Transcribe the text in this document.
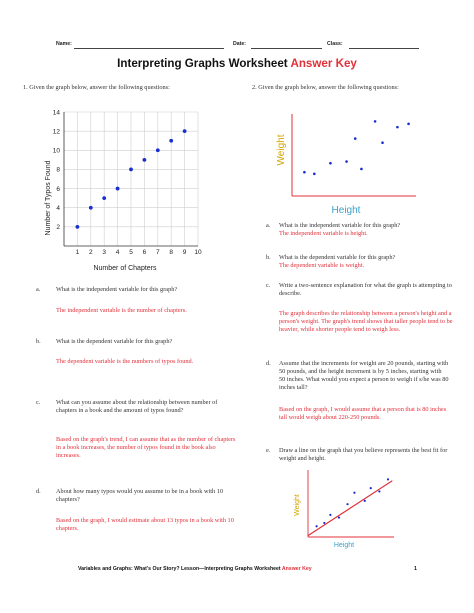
Name:	Date:	Class:
Interpreting Graphs Worksheet Answer Key
1. Given the graph below, answer the following questions:
1 2 3 4 5 6 7 8 9 10
2
4
6
8
10
12
14
Number of Chapters
Number of Typos Found
a. What is the independent variable for this graph?
The independent variable is the number of chapters.
b. What is the dependent variable for this graph?
The dependent variable is the numbers of typos found.
c. What can you assume about the relationship between number of chapters in a book and the amount of typos found?
Based on the graph's trend, I can assume that as the number of chapters in a book increases, the number of typos found in the book also increases.
d. About how many typos would you assume to be in a book with 10 chapters?
Based on the graph, I would estimate about 13 typos in a book with 10 chapters.
2. Given the graph below, answer the following questions:
Height
Weight
a. What is the independent variable for this graph?
The independent variable is height.
b. What is the dependent variable for this graph?
The dependent variable is weight.
c. Write a two-sentence explanation for what the graph is attempting to describe.
The graph describes the relationship between a person's height and a person's weight. The graph's trend shows that taller people tend to be heavier, while shorter people tend to weigh less.
d. Assume that the increments for weight are 20 pounds, starting with 50 pounds, and the height increment is by 5 inches, starting with 50 inches. What would you expect a person to weigh if s/he was 80 inches tall?
Based on the graph, I would assume that a person that is 80 inches tall would weigh about 220-250 pounds.
e. Draw a line on the graph that you believe represents the best fit for weight and height.
Height
Weight
Variables and Graphs: What's Our Story? Lesson—Interpreting Graphs Worksheet Answer Key	1
